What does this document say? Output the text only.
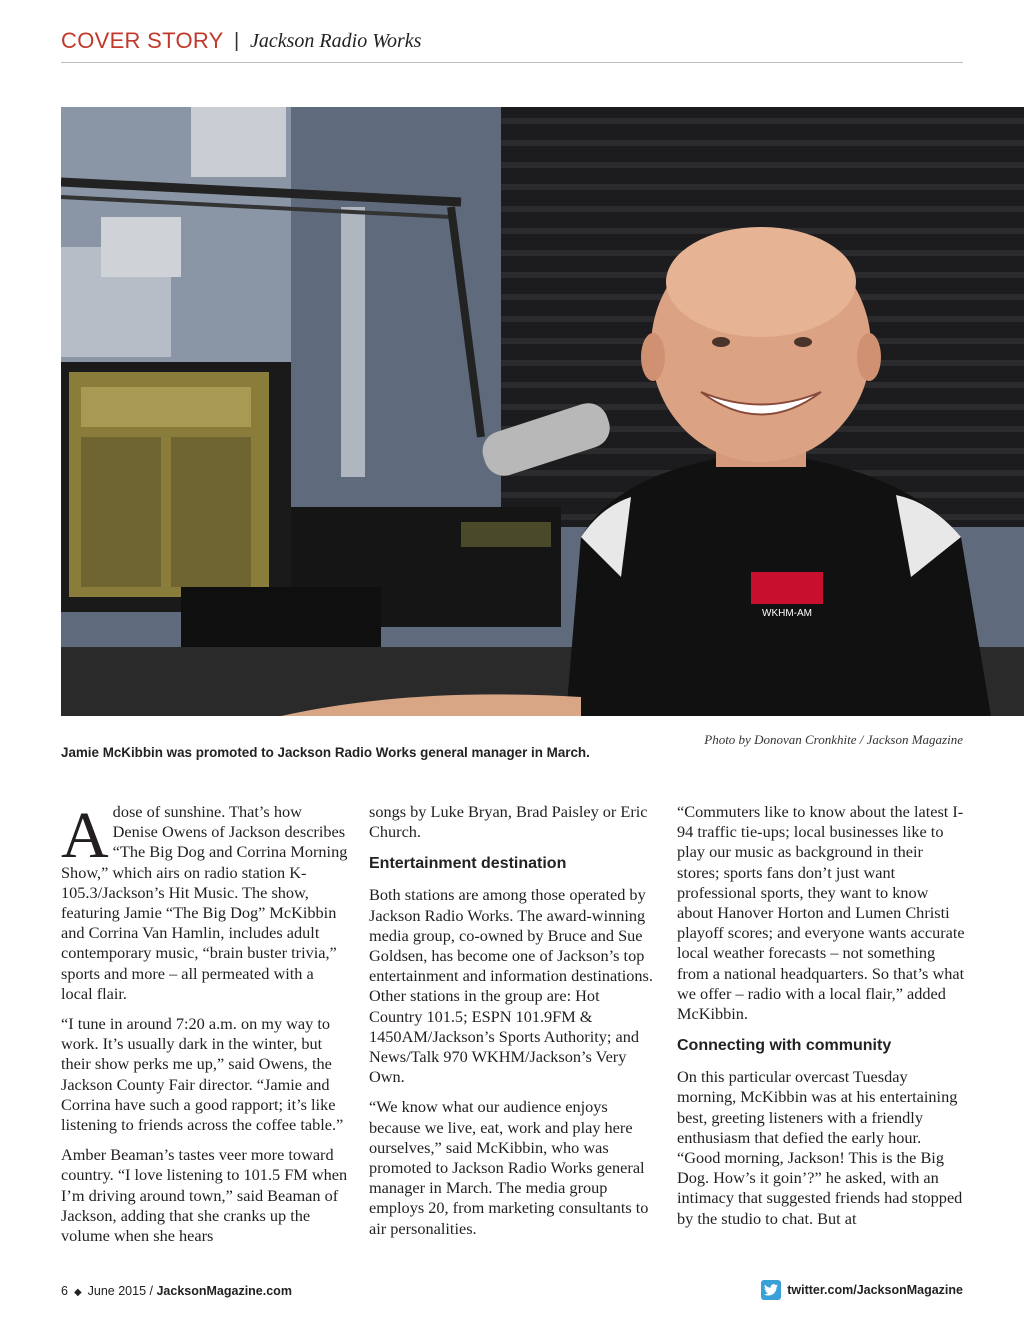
COVER STORY | Jackson Radio Works
WKHM-AM
Photo by Donovan Cronkhite / Jackson Magazine
Jamie McKibbin was promoted to Jackson Radio Works general manager in March.

A dose of sunshine. That’s how Denise Owens of Jackson describes “The Big Dog and Corrina Morning Show,” which airs on radio station K-105.3/Jackson’s Hit Music. The show, featuring Jamie “The Big Dog” McKibbin and Corrina Van Hamlin, includes adult contemporary music, “brain buster trivia,” sports and more – all permeated with a local flair.

“I tune in around 7:20 a.m. on my way to work. It’s usually dark in the winter, but their show perks me up,” said Owens, the Jackson County Fair director. “Jamie and Corrina have such a good rapport; it’s like listening to friends across the coffee table.”

Amber Beaman’s tastes veer more toward country. “I love listening to 101.5 FM when I’m driving around town,” said Beaman of Jackson, adding that she cranks up the volume when she hears

songs by Luke Bryan, Brad Paisley or Eric Church.

Entertainment destination

Both stations are among those operated by Jackson Radio Works. The award-winning media group, co-owned by Bruce and Sue Goldsen, has become one of Jackson’s top entertainment and information destinations. Other stations in the group are: Hot Country 101.5; ESPN 101.9FM & 1450AM/Jackson’s Sports Authority; and News/Talk 970 WKHM/Jackson’s Very Own.

“We know what our audience enjoys because we live, eat, work and play here ourselves,” said McKibbin, who was promoted to Jackson Radio Works general manager in March. The media group employs 20, from marketing consultants to air personalities.

“Commuters like to know about the latest I-94 traffic tie-ups; local businesses like to play our music as background in their stores; sports fans don’t just want professional sports, they want to know about Hanover Horton and Lumen Christi playoff scores; and everyone wants accurate local weather forecasts – not something from a national headquarters. So that’s what we offer – radio with a local flair,” added McKibbin.

Connecting with community

On this particular overcast Tuesday morning, McKibbin was at his entertaining best, greeting listeners with a friendly enthusiasm that defied the early hour. “Good morning, Jackson! This is the Big Dog. How’s it goin’?” he asked, with an intimacy that suggested friends had stopped by the studio to chat. But at

6 ◆ June 2015 / JacksonMagazine.com	twitter.com/JacksonMagazine
